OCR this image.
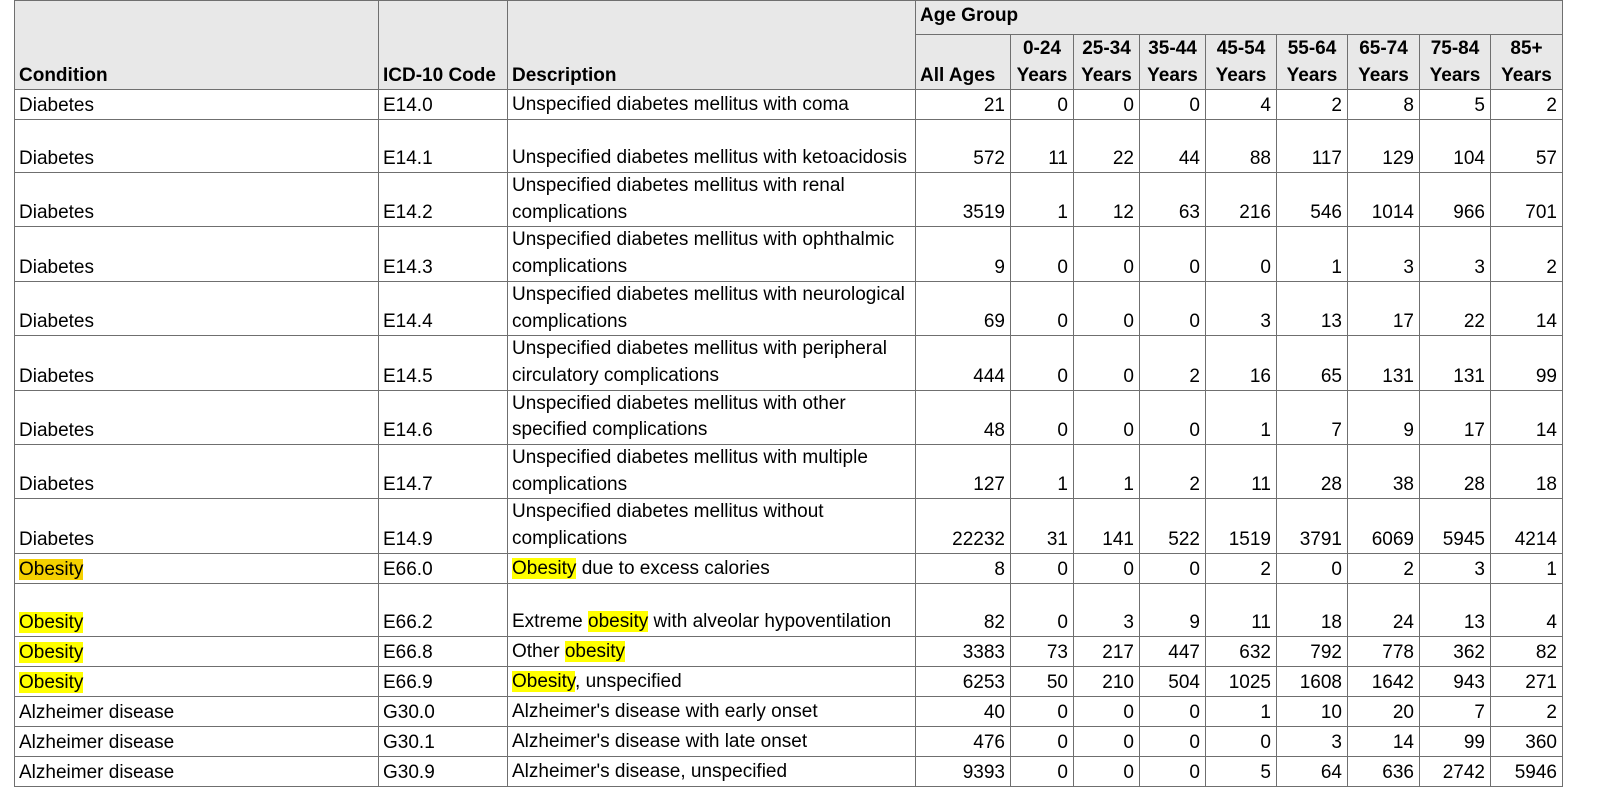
Condition	ICD-10 Code	Description	Age Group								
			All Ages	0-24 Years	25-34 Years	35-44 Years	45-54 Years	55-64 Years	65-74 Years	75-84 Years	85+ Years
Diabetes	E14.0	Unspecified diabetes mellitus with coma	21	0	0	0	4	2	8	5	2
Diabetes	E14.1	Unspecified diabetes mellitus with ketoacidosis	572	11	22	44	88	117	129	104	57
Diabetes	E14.2	Unspecified diabetes mellitus with renal complications	3519	1	12	63	216	546	1014	966	701
Diabetes	E14.3	Unspecified diabetes mellitus with ophthalmic complications	9	0	0	0	0	1	3	3	2
Diabetes	E14.4	Unspecified diabetes mellitus with neurological complications	69	0	0	0	3	13	17	22	14
Diabetes	E14.5	Unspecified diabetes mellitus with peripheral circulatory complications	444	0	0	2	16	65	131	131	99
Diabetes	E14.6	Unspecified diabetes mellitus with other specified complications	48	0	0	0	1	7	9	17	14
Diabetes	E14.7	Unspecified diabetes mellitus with multiple complications	127	1	1	2	11	28	38	28	18
Diabetes	E14.9	Unspecified diabetes mellitus without complications	22232	31	141	522	1519	3791	6069	5945	4214
Obesity	E66.0	Obesity due to excess calories	8	0	0	0	2	0	2	3	1
Obesity	E66.2	Extreme obesity with alveolar hypoventilation	82	0	3	9	11	18	24	13	4
Obesity	E66.8	Other obesity	3383	73	217	447	632	792	778	362	82
Obesity	E66.9	Obesity, unspecified	6253	50	210	504	1025	1608	1642	943	271
Alzheimer disease	G30.0	Alzheimer's disease with early onset	40	0	0	0	1	10	20	7	2
Alzheimer disease	G30.1	Alzheimer's disease with late onset	476	0	0	0	0	3	14	99	360
Alzheimer disease	G30.9	Alzheimer's disease, unspecified	9393	0	0	0	5	64	636	2742	5946
